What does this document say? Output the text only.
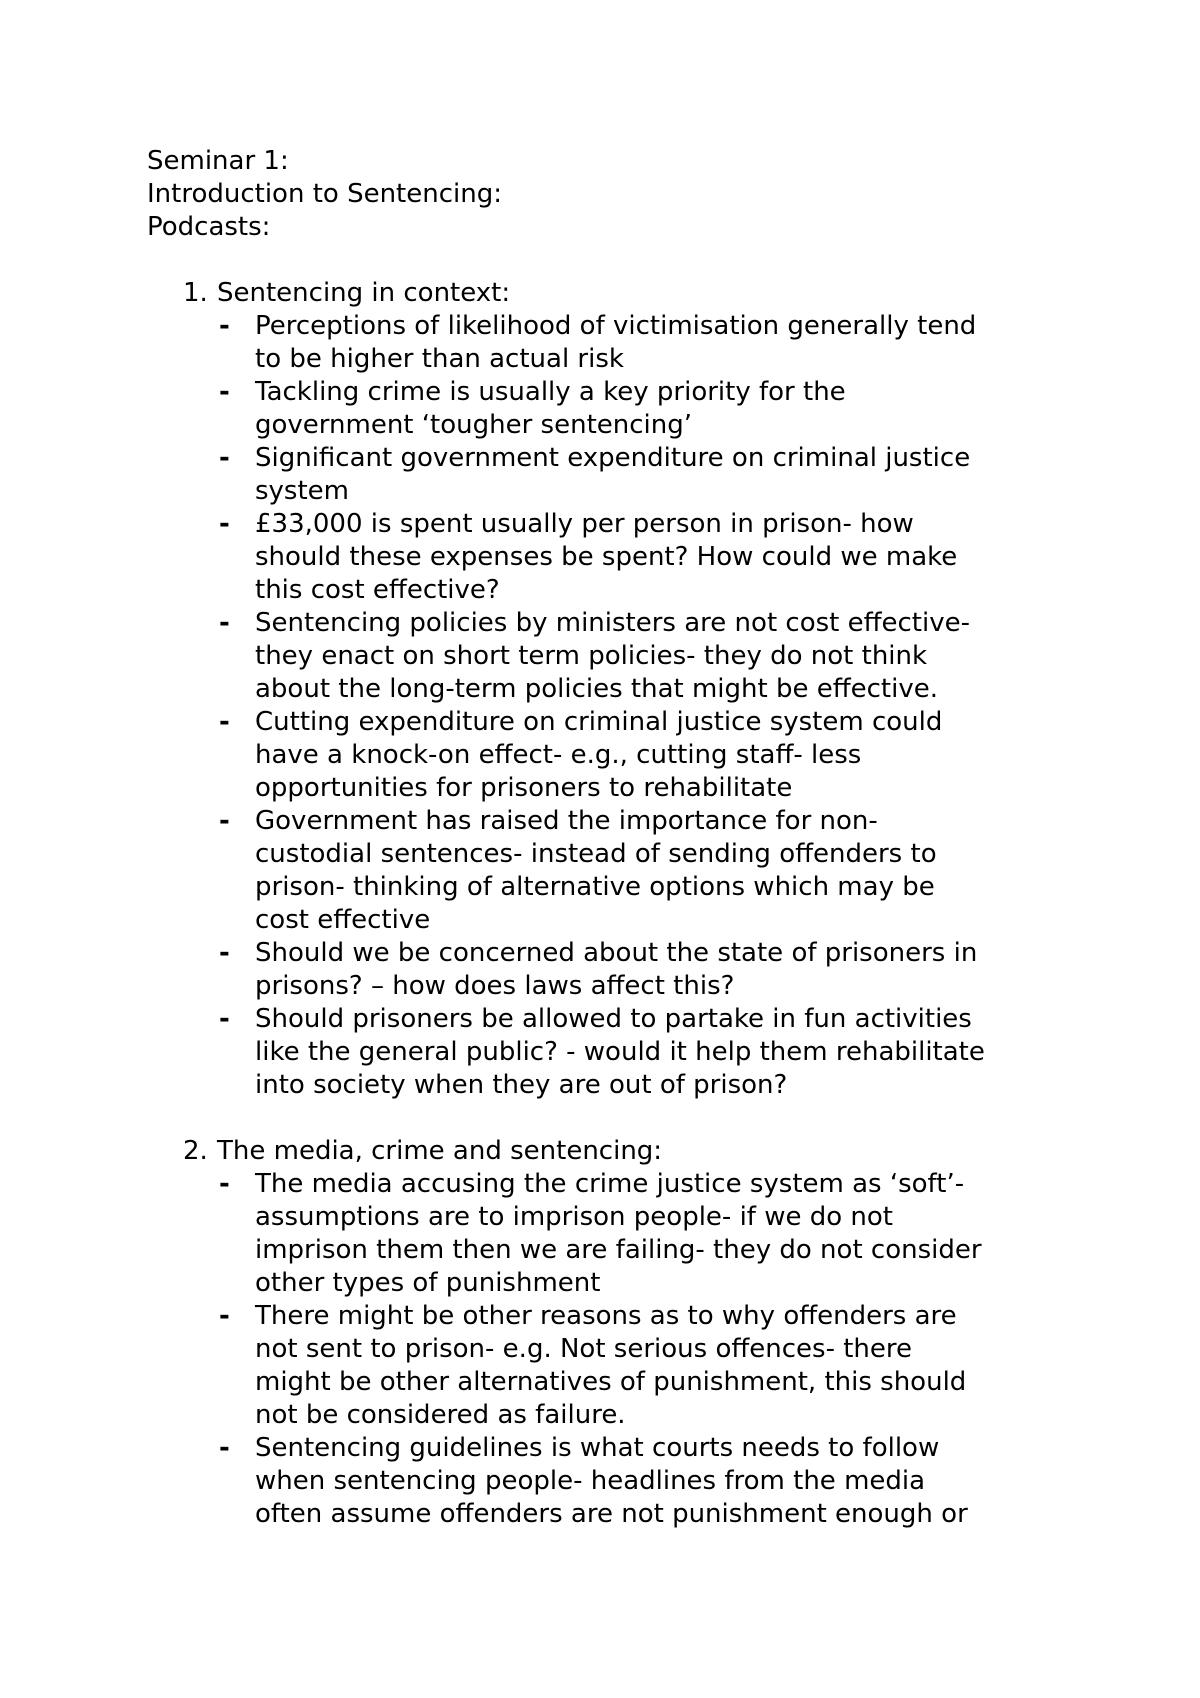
Seminar 1:
Introduction to Sentencing:
Podcasts:
1. Sentencing in context:
- Perceptions of likelihood of victimisation generally tend
to be higher than actual risk
- Tackling crime is usually a key priority for the
government ‘tougher sentencing’
- Significant government expenditure on criminal justice
system
- £33,000 is spent usually per person in prison- how
should these expenses be spent? How could we make
this cost effective?
- Sentencing policies by ministers are not cost effective-
they enact on short term policies- they do not think
about the long-term policies that might be effective.
- Cutting expenditure on criminal justice system could
have a knock-on effect- e.g., cutting staff- less
opportunities for prisoners to rehabilitate
- Government has raised the importance for non-
custodial sentences- instead of sending offenders to
prison- thinking of alternative options which may be
cost effective
- Should we be concerned about the state of prisoners in
prisons? – how does laws affect this?
- Should prisoners be allowed to partake in fun activities
like the general public? - would it help them rehabilitate
into society when they are out of prison?
2. The media, crime and sentencing:
- The media accusing the crime justice system as ‘soft’-
assumptions are to imprison people- if we do not
imprison them then we are failing- they do not consider
other types of punishment
- There might be other reasons as to why offenders are
not sent to prison- e.g. Not serious offences- there
might be other alternatives of punishment, this should
not be considered as failure.
- Sentencing guidelines is what courts needs to follow
when sentencing people- headlines from the media
often assume offenders are not punishment enough or
